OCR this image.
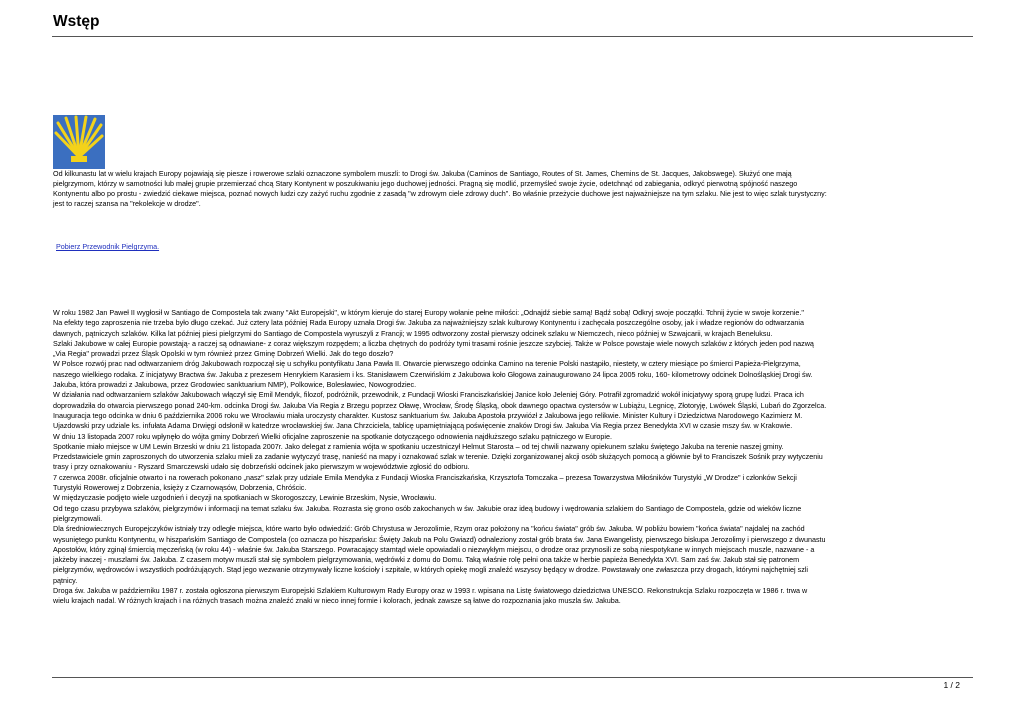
Wstęp
Od kilkunastu lat w wielu krajach Europy pojawiają się piesze i rowerowe szlaki oznaczone symbolem muszli: to Drogi św. Jakuba (Caminos de Santiago, Routes of St. James, Chemins de St. Jacques, Jakobswege). Służyć one mają
pielgrzymom, którzy w samotności lub małej grupie przemierzać chcą Stary Kontynent w poszukiwaniu jego duchowej jedności. Pragną się modlić, przemyśleć swoje życie, odetchnąć od zabiegania, odkryć pierwotną spójność naszego
Kontynentu albo po prostu - zwiedzić ciekawe miejsca, poznać nowych ludzi czy zażyć ruchu zgodnie z zasadą "w zdrowym ciele zdrowy duch". Bo właśnie przeżycie duchowe jest najważniejsze na tym szlaku. Nie jest to więc szlak turystyczny:
jest to raczej szansa na "rekolekcje w drodze".
Pobierz Przewodnik Pielgrzyma.
W roku 1982 Jan Paweł II wygłosił w Santiago de Compostela tak zwany "Akt Europejski", w którym kieruje do starej Europy wołanie pełne miłości: „Odnajdź siebie samą! Bądź sobą! Odkryj swoje początki. Tchnij życie w swoje korzenie."
Na efekty tego zaproszenia nie trzeba było długo czekać. Już cztery lata później Rada Europy uznała Drogi św. Jakuba za najważniejszy szlak kulturowy Kontynentu i zachęcała poszczególne osoby, jak i władze regionów do odtwarzania
dawnych, pątniczych szlaków. Kilka lat później piesi pielgrzymi do Santiago de Compostela wyruszyli z Francji; w 1995 odtworzony został pierwszy odcinek szlaku w Niemczech, nieco później w Szwajcarii, w krajach Beneluksu.
Szlaki Jakubowe w całej Europie powstają- a raczej są odnawiane- z coraz większym rozpędem; a liczba chętnych do podróży tymi trasami rośnie jeszcze szybciej. Także w Polsce powstaje wiele nowych szlaków z których jeden pod nazwą
„Via Regia" prowadzi przez Śląsk Opolski w tym również przez Gminę Dobrzeń Wielki. Jak do tego doszło?
W Polsce rozwój prac nad odtwarzaniem dróg Jakubowach rozpoczął się u schyłku pontyfikatu Jana Pawła II. Otwarcie pierwszego odcinka Camino na terenie Polski nastąpiło, niestety, w cztery miesiące po śmierci Papieża-Pielgrzyma,
naszego wielkiego rodaka. Z inicjatywy Bractwa św. Jakuba z prezesem Henrykiem Karasiem i ks. Stanisławem Czerwińskim z Jakubowa koło Głogowa zainaugurowano 24 lipca 2005 roku, 160- kilometrowy odcinek Dolnośląskiej Drogi św.
Jakuba, która prowadzi z Jakubowa, przez Grodowiec sanktuarium NMP), Polkowice, Bolesławiec, Nowogrodziec.
W działania nad odtwarzaniem szlaków Jakubowach włączył się Emil Mendyk, filozof, podróżnik, przewodnik, z Fundacji Wioski Franciszkańskiej Janice koło Jeleniej Góry. Potrafił zgromadzić wokół inicjatywy sporą grupę ludzi. Praca ich
doprowadziła do otwarcia pierwszego ponad 240-km. odcinka Drogi św. Jakuba Via Regia z Brzegu poprzez Oławę, Wrocław, Środę Śląską, obok dawnego opactwa cystersów w Lubiążu, Legnicę, Złotoryję, Lwówek Śląski, Lubań do Zgorzelca.
Inauguracja tego odcinka w dniu 6 października 2006 roku we Wrocławiu miała uroczysty charakter. Kustosz sanktuarium św. Jakuba Apostoła przywiózł z Jakubowa jego relikwie. Minister Kultury i Dziedzictwa Narodowego Kazimierz M.
Ujazdowski przy udziale ks. infułata Adama Drwięgi odsłonił w katedrze wrocławskiej św. Jana Chrzciciela, tablicę upamiętniającą poświęcenie znaków Drogi św. Jakuba Via Regia przez Benedykta XVI w czasie mszy św. w Krakowie.
W dniu 13 listopada 2007 roku wpłynęło do wójta gminy Dobrzeń Wielki oficjalne zaproszenie na spotkanie dotyczącego odnowienia najdłuższego szlaku pątniczego w Europie.
Spotkanie miało miejsce w UM Lewin Brzeski w dniu 21 listopada 2007r. Jako delegat z ramienia wójta w spotkaniu uczestniczył Helmut Starosta – od tej chwili nazwany opiekunem szlaku świętego Jakuba na terenie naszej gminy.
Przedstawiciele gmin zaproszonych do utworzenia szlaku mieli za zadanie wytyczyć trasę, nanieść na mapy i oznakować szlak w terenie. Dzięki zorganizowanej akcji osób służących pomocą a głównie był to Franciszek Sośnik przy wytyczeniu
trasy i przy oznakowaniu - Ryszard Smarczewski udało się dobrzeński odcinek jako pierwszym w województwie zgłosić do odbioru.
7 czerwca 2008r. oficjalnie otwarto i na rowerach pokonano „nasz" szlak przy udziale Emila Mendyka z Fundacji Wioska Franciszkańska, Krzysztofa Tomczaka – prezesa Towarzystwa Miłośników Turystyki „W Drodze" i członków Sekcji
Turystyki Rowerowej z Dobrzenia, księży z Czarnowąsów, Dobrzenia, Chróścic.
W międzyczasie podjęto wiele uzgodnień i decyzji na spotkaniach w Skorogoszczy, Lewinie Brzeskim, Nysie, Wrocławiu.
Od tego czasu przybywa szlaków, pielgrzymów i informacji na temat szlaku św. Jakuba. Rozrasta się grono osób zakochanych w św. Jakubie oraz ideą budowy i wędrowania szlakiem do Santiago de Compostela, gdzie od wieków liczne
pielgrzymowali.
Dla średniowiecznych Europejczyków istniały trzy odległe miejsca, które warto było odwiedzić: Grób Chrystusa w Jerozolimie, Rzym oraz położony na "końcu świata" grób św. Jakuba. W pobliżu bowiem "końca świata" najdalej na zachód
wysuniętego punktu Kontynentu, w hiszpańskim Santiago de Compostela (co oznacza po hiszpańsku: Święty Jakub na Polu Gwiazd) odnaleziony został grób brata św. Jana Ewangelisty, pierwszego biskupa Jerozolimy i pierwszego z dwunastu
Apostołów, który zginął śmiercią męczeńską (w roku 44) - właśnie św. Jakuba Starszego. Powracający stamtąd wiele opowiadali o niezwykłym miejscu, o drodze oraz przynosili ze sobą niespotykane w innych miejscach muszle, nazwane - a
jakżeby inaczej - muszlami św. Jakuba. Z czasem motyw muszli stał się symbolem pielgrzymowania, wędrówki z domu do Domu. Taką właśnie rolę pełni ona także w herbie papieża Benedykta XVI. Sam zaś św. Jakub stał się patronem
pielgrzymów, wędrowców i wszystkich podróżujących. Stąd jego wezwanie otrzymywały liczne kościoły i szpitale, w których opiekę mogli znaleźć wszyscy będący w drodze. Powstawały one zwłaszcza przy drogach, którymi najchętniej szli
pątnicy.
Droga św. Jakuba w październiku 1987 r. została ogłoszona pierwszym Europejski Szlakiem Kulturowym Rady Europy oraz w 1993 r. wpisana na Listę światowego dziedzictwa UNESCO. Rekonstrukcja Szlaku rozpoczęta w 1986 r. trwa w
wielu krajach nadal. W różnych krajach i na różnych trasach można znaleźć znaki w nieco innej formie i kolorach, jednak zawsze są łatwe do rozpoznania jako muszla św. Jakuba.
1 / 2
